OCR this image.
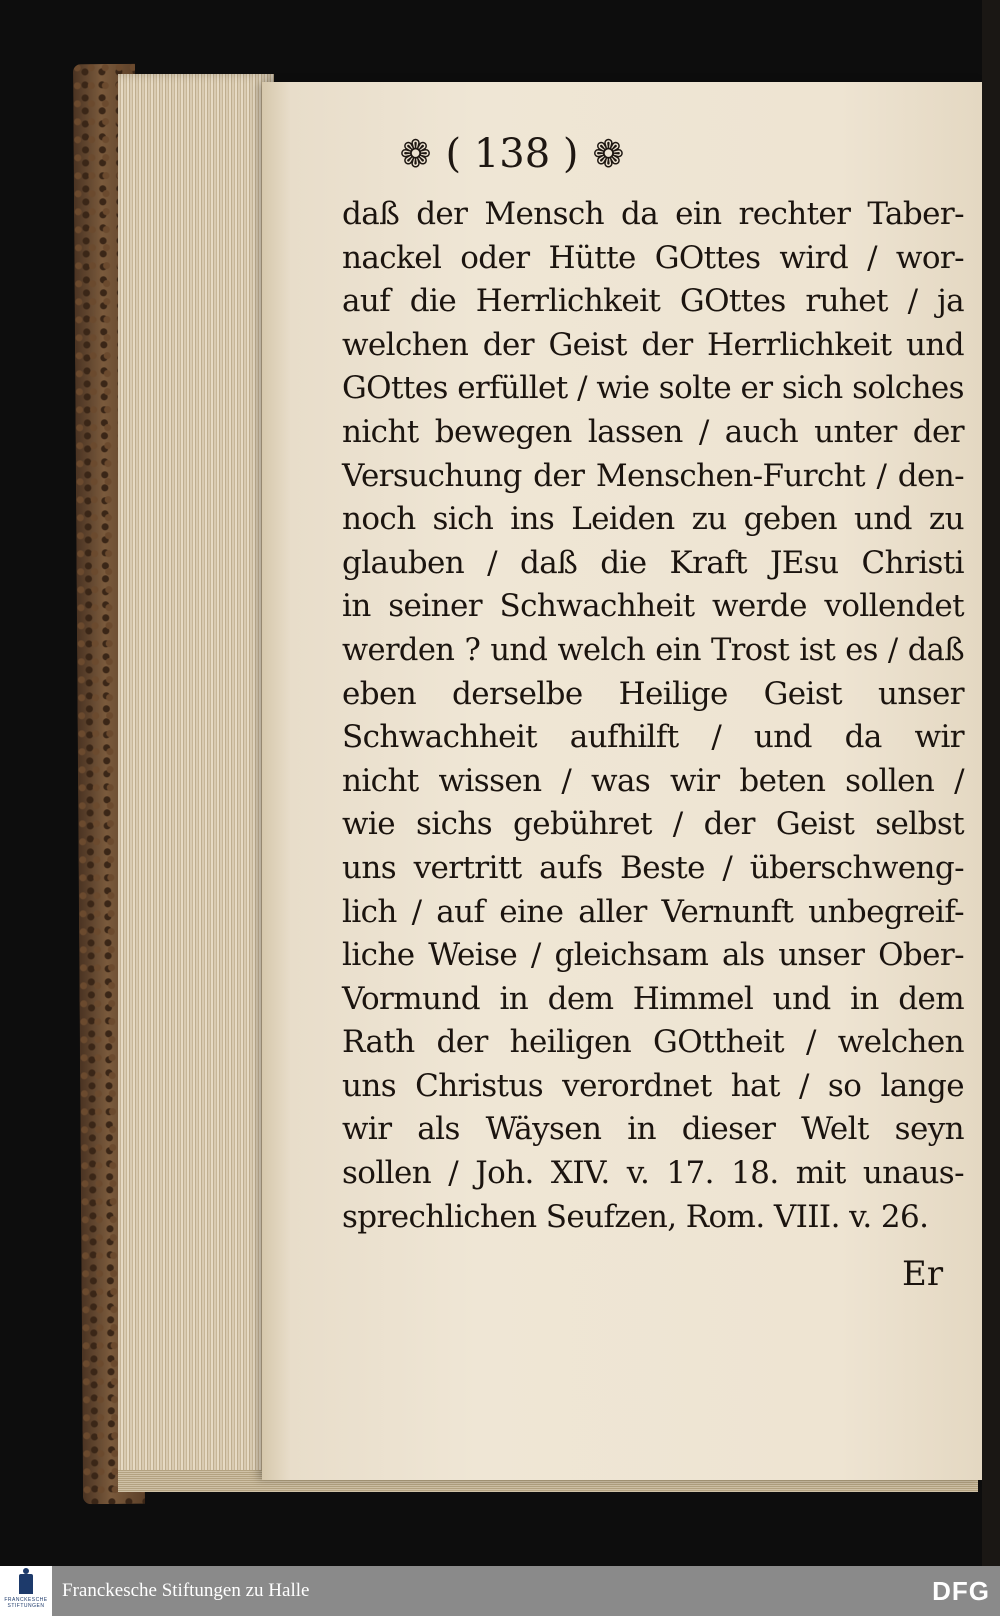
❁ ( 138 ) ❁
daß der Mensch da ein rechter Taber-
nackel oder Hütte GOttes wird / wor-
auf die Herrlichkeit GOttes ruhet / ja
welchen der Geist der Herrlichkeit und
GOttes erfüllet / wie solte er sich solches
nicht bewegen lassen / auch unter der
Versuchung der Menschen-Furcht / den-
noch sich ins Leiden zu geben und zu
glauben / daß die Kraft JEsu Christi
in seiner Schwachheit werde vollendet
werden ? und welch ein Trost ist es / daß
eben derselbe Heilige Geist unser
Schwachheit aufhilft / und da wir
nicht wissen / was wir beten sollen /
wie sichs gebühret / der Geist selbst
uns vertritt aufs Beste / überschweng-
lich / auf eine aller Vernunft unbegreif-
liche Weise / gleichsam als unser Ober-
Vormund in dem Himmel und in dem
Rath der heiligen GOttheit / welchen
uns Christus verordnet hat / so lange
wir als Wäysen in dieser Welt seyn
sollen / Joh. XIV. v. 17. 18. mit unaus-
sprechlichen Seufzen, Rom. VIII. v. 26.
Er
FRANCKESCHE STIFTUNGEN
Franckesche Stiftungen zu Halle	DFG
